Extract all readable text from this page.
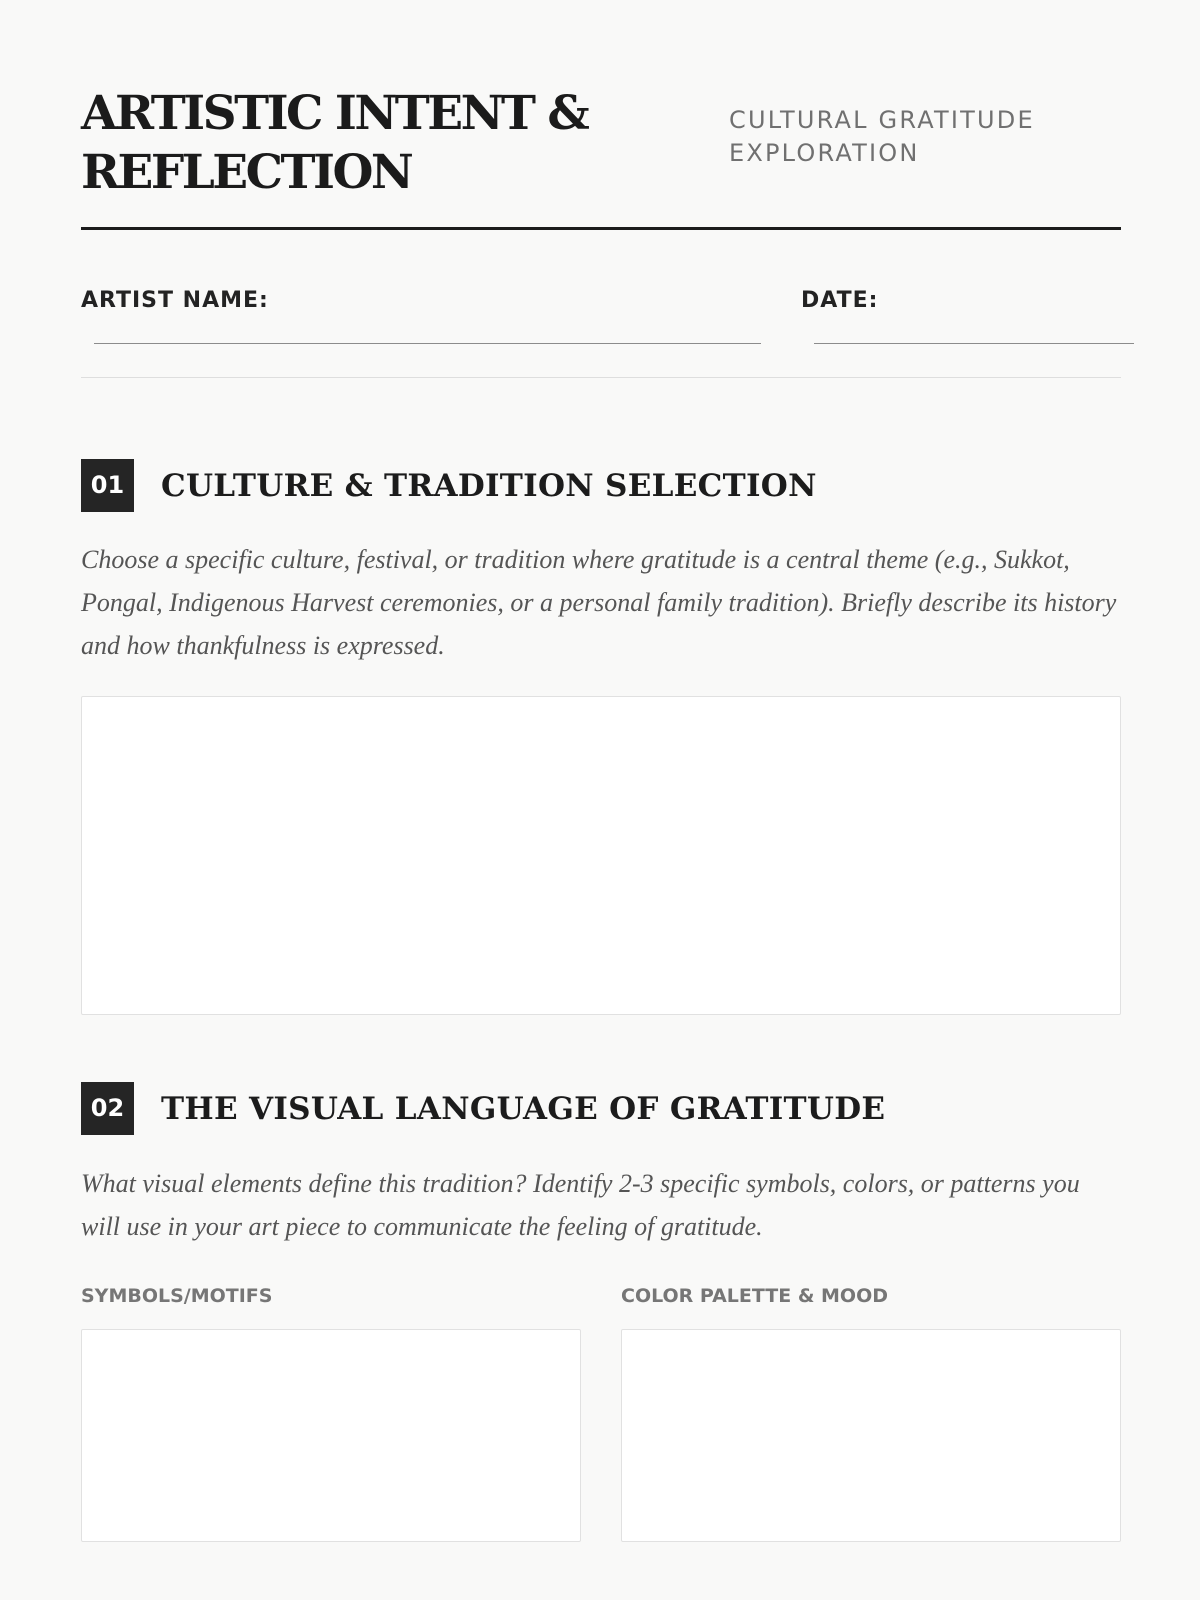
ARTISTIC INTENT &
REFLECTION
CULTURAL GRATITUDE
EXPLORATION
ARTIST NAME:	DATE:
01	CULTURE & TRADITION SELECTION

Choose a specific culture, festival, or tradition where gratitude is a central theme (e.g., Sukkot, Pongal, Indigenous Harvest ceremonies, or a personal family tradition). Briefly describe its history and how thankfulness is expressed.

02	THE VISUAL LANGUAGE OF GRATITUDE

What visual elements define this tradition? Identify 2-3 specific symbols, colors, or patterns you will use in your art piece to communicate the feeling of gratitude.

SYMBOLS/MOTIFS	COLOR PALETTE & MOOD
